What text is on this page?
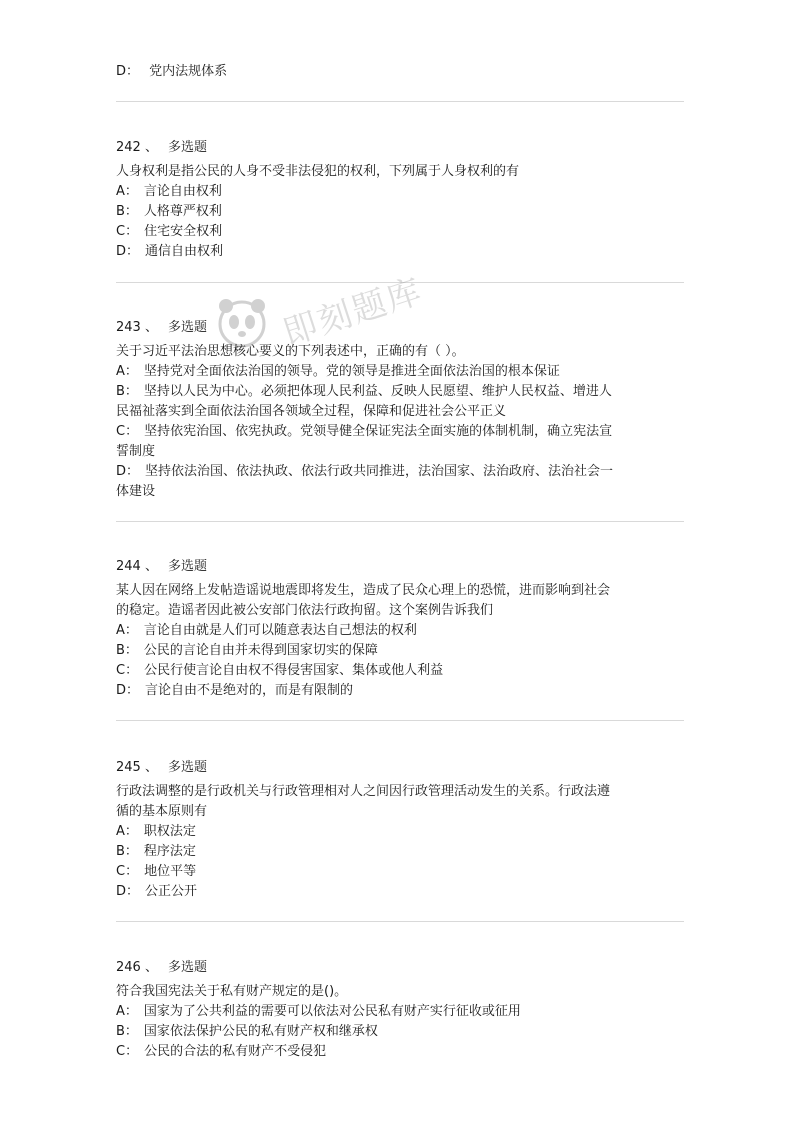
D： 党内法规体系
242 、 多选题
人身权利是指公民的人身不受非法侵犯的权利，下列属于人身权利的有
A： 言论自由权利
B： 人格尊严权利
C： 住宅安全权利
D： 通信自由权利
243 、 多选题
关于习近平法治思想核心要义的下列表述中，正确的有（ ）。
A： 坚持党对全面依法治国的领导。党的领导是推进全面依法治国的根本保证
B： 坚持以人民为中心。必须把体现人民利益、反映人民愿望、维护人民权益、增进人
民福祉落实到全面依法治国各领域全过程，保障和促进社会公平正义
C： 坚持依宪治国、依宪执政。党领导健全保证宪法全面实施的体制机制，确立宪法宣
誓制度
D： 坚持依法治国、依法执政、依法行政共同推进，法治国家、法治政府、法治社会一
体建设
244 、 多选题
某人因在网络上发帖造谣说地震即将发生，造成了民众心理上的恐慌，进而影响到社会
的稳定。造谣者因此被公安部门依法行政拘留。这个案例告诉我们
A： 言论自由就是人们可以随意表达自己想法的权利
B： 公民的言论自由并未得到国家切实的保障
C： 公民行使言论自由权不得侵害国家、集体或他人利益
D： 言论自由不是绝对的，而是有限制的
245 、 多选题
行政法调整的是行政机关与行政管理相对人之间因行政管理活动发生的关系。行政法遵
循的基本原则有
A： 职权法定
B： 程序法定
C： 地位平等
D： 公正公开
246 、 多选题
符合我国宪法关于私有财产规定的是()。
A： 国家为了公共利益的需要可以依法对公民私有财产实行征收或征用
B： 国家依法保护公民的私有财产权和继承权
C： 公民的合法的私有财产不受侵犯
即刻题库
